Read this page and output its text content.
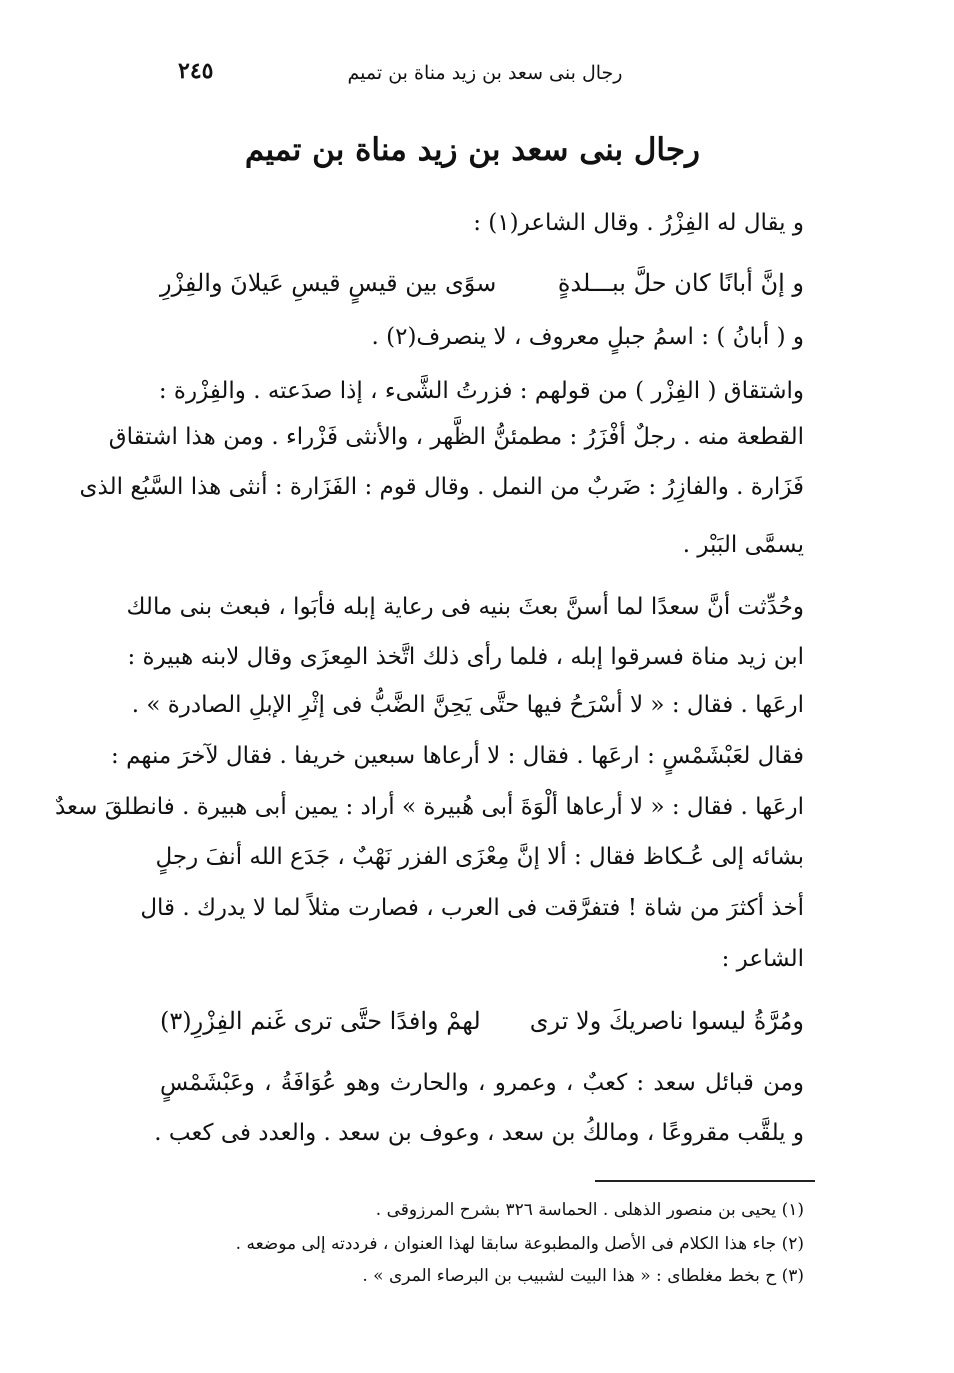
رجال بنى سعد بن زيد مناة بن تميم
٢٤٥
رجال بنى سعد بن زيد مناة بن تميم
و يقال له الفِزْرُ . وقال الشاعر(١) :
و إنَّ أبانًا كان حلَّ ببـــلدةٍ
سوًى بين قيسٍ قيسِ عَيلانَ والفِزْرِ
و ( أبانُ ) : اسمُ جبلٍ معروف ، لا ينصرف(٢) .
واشتقاق ( الفِزْر ) من قولهم : فزرتُ الشَّىء ، إذا صدَعته . والفِزْرة :
القطعة منه . رجلٌ أفْزَرُ : مطمئنُّ الظَّهر ، والأنثى فَزْراء . ومن هذا اشتقاق
فَزَارة . والفازِرُ : ضَربٌ من النمل . وقال قوم : الفَزَارة : أنثى هذا السَّبُع الذى
يسمَّى البَبْر .
وحُدِّثت أنَّ سعدًا لما أسنَّ بعثَ بنيه فى رعاية إبله فأبَوا ، فبعث بنى مالك
ابن زيد مناة فسرقوا إبله ، فلما رأى ذلك اتَّخذ المِعزَى وقال لابنه هبيرة :
ارعَها . فقال : « لا أسْرَحُ فيها حتَّى يَحِنَّ الضَّبُّ فى إثْرِ الإبلِ الصادرة » .
فقال لعَبْشَمْسٍ : ارعَها . فقال : لا أرعاها سبعين خريفا . فقال لآخرَ منهم :
ارعَها . فقال : « لا أرعاها ألْوَةَ أبى هُبيرة » أراد : يمين أبى هبيرة . فانطلقَ سعدٌ
بشائه إلى عُـكاظ فقال : ألا إنَّ مِعْزَى الفزر نَهْبٌ ، جَدَع الله أنفَ رجلٍ
أخذ أكثرَ من شاة ! فتفرَّقت فى العرب ، فصارت مثلاً لما لا يدرك . قال
الشاعر :
ومُرَّةُ ليسوا ناصريكَ ولا ترى
لهمْ وافدًا حتَّى ترى غَنم الفِزْرِ(٣)
ومن قبائل سعد : كعبٌ ، وعمرو ، والحارث وهو عُوَافَةُ ، وعَبْشَمْسٍ
و يلقَّب مقروعًا ، ومالكُ بن سعد ، وعوف بن سعد . والعدد فى كعب .
(١) يحيى بن منصور الذهلى . الحماسة ٣٢٦ بشرح المرزوقى .
(٢) جاء هذا الكلام فى الأصل والمطبوعة سابقا لهذا العنوان ، فرددته إلى موضعه .
(٣) ح بخط مغلطاى : « هذا البيت لشبيب بن البرصاء المرى » .
